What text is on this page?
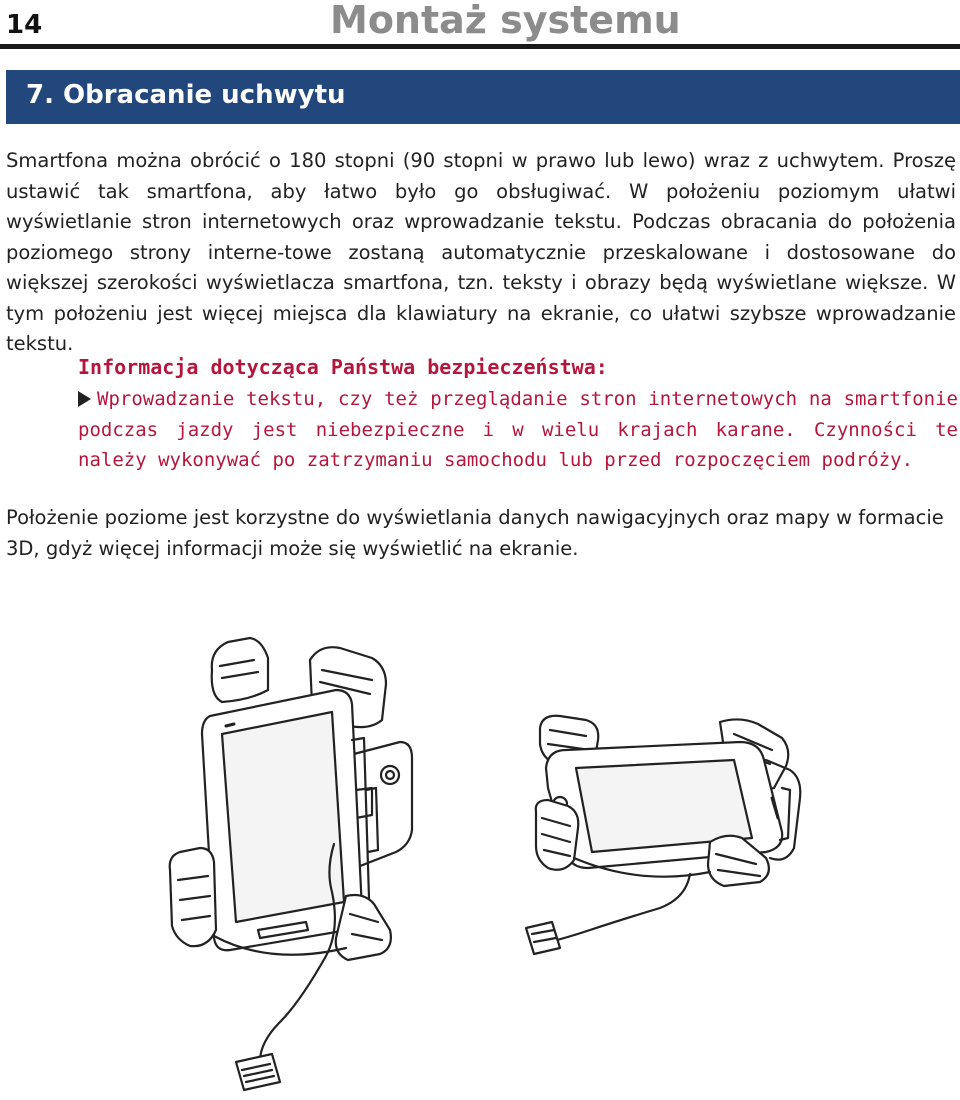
14	Montaż systemu
7. Obracanie uchwytu

Smartfona można obrócić o 180 stopni (90 stopni w prawo lub lewo) wraz z uchwytem. Proszę ustawić tak smartfona, aby łatwo było go obsługiwać. W położeniu poziomym ułatwi wyświetlanie stron internetowych oraz wprowadzanie tekstu. Podczas obracania do położenia poziomego strony interne-towe zostaną automatycznie przeskalowane i dostosowane do większej szerokości wyświetlacza smartfona, tzn. teksty i obrazy będą wyświetlane większe. W tym położeniu jest więcej miejsca dla klawiatury na ekranie, co ułatwi szybsze wprowadzanie tekstu.

Informacja dotycząca Państwa bezpieczeństwa:

Wprowadzanie tekstu, czy też przeglądanie stron internetowych na smartfonie podczas jazdy jest niebezpieczne i w wielu krajach karane. Czynności te należy wykonywać po zatrzymaniu samochodu lub przed rozpoczęciem podróży.

Położenie poziome jest korzystne do wyświetlania danych nawigacyjnych oraz mapy w formacie 3D, gdyż więcej informacji może się wyświetlić na ekranie.
